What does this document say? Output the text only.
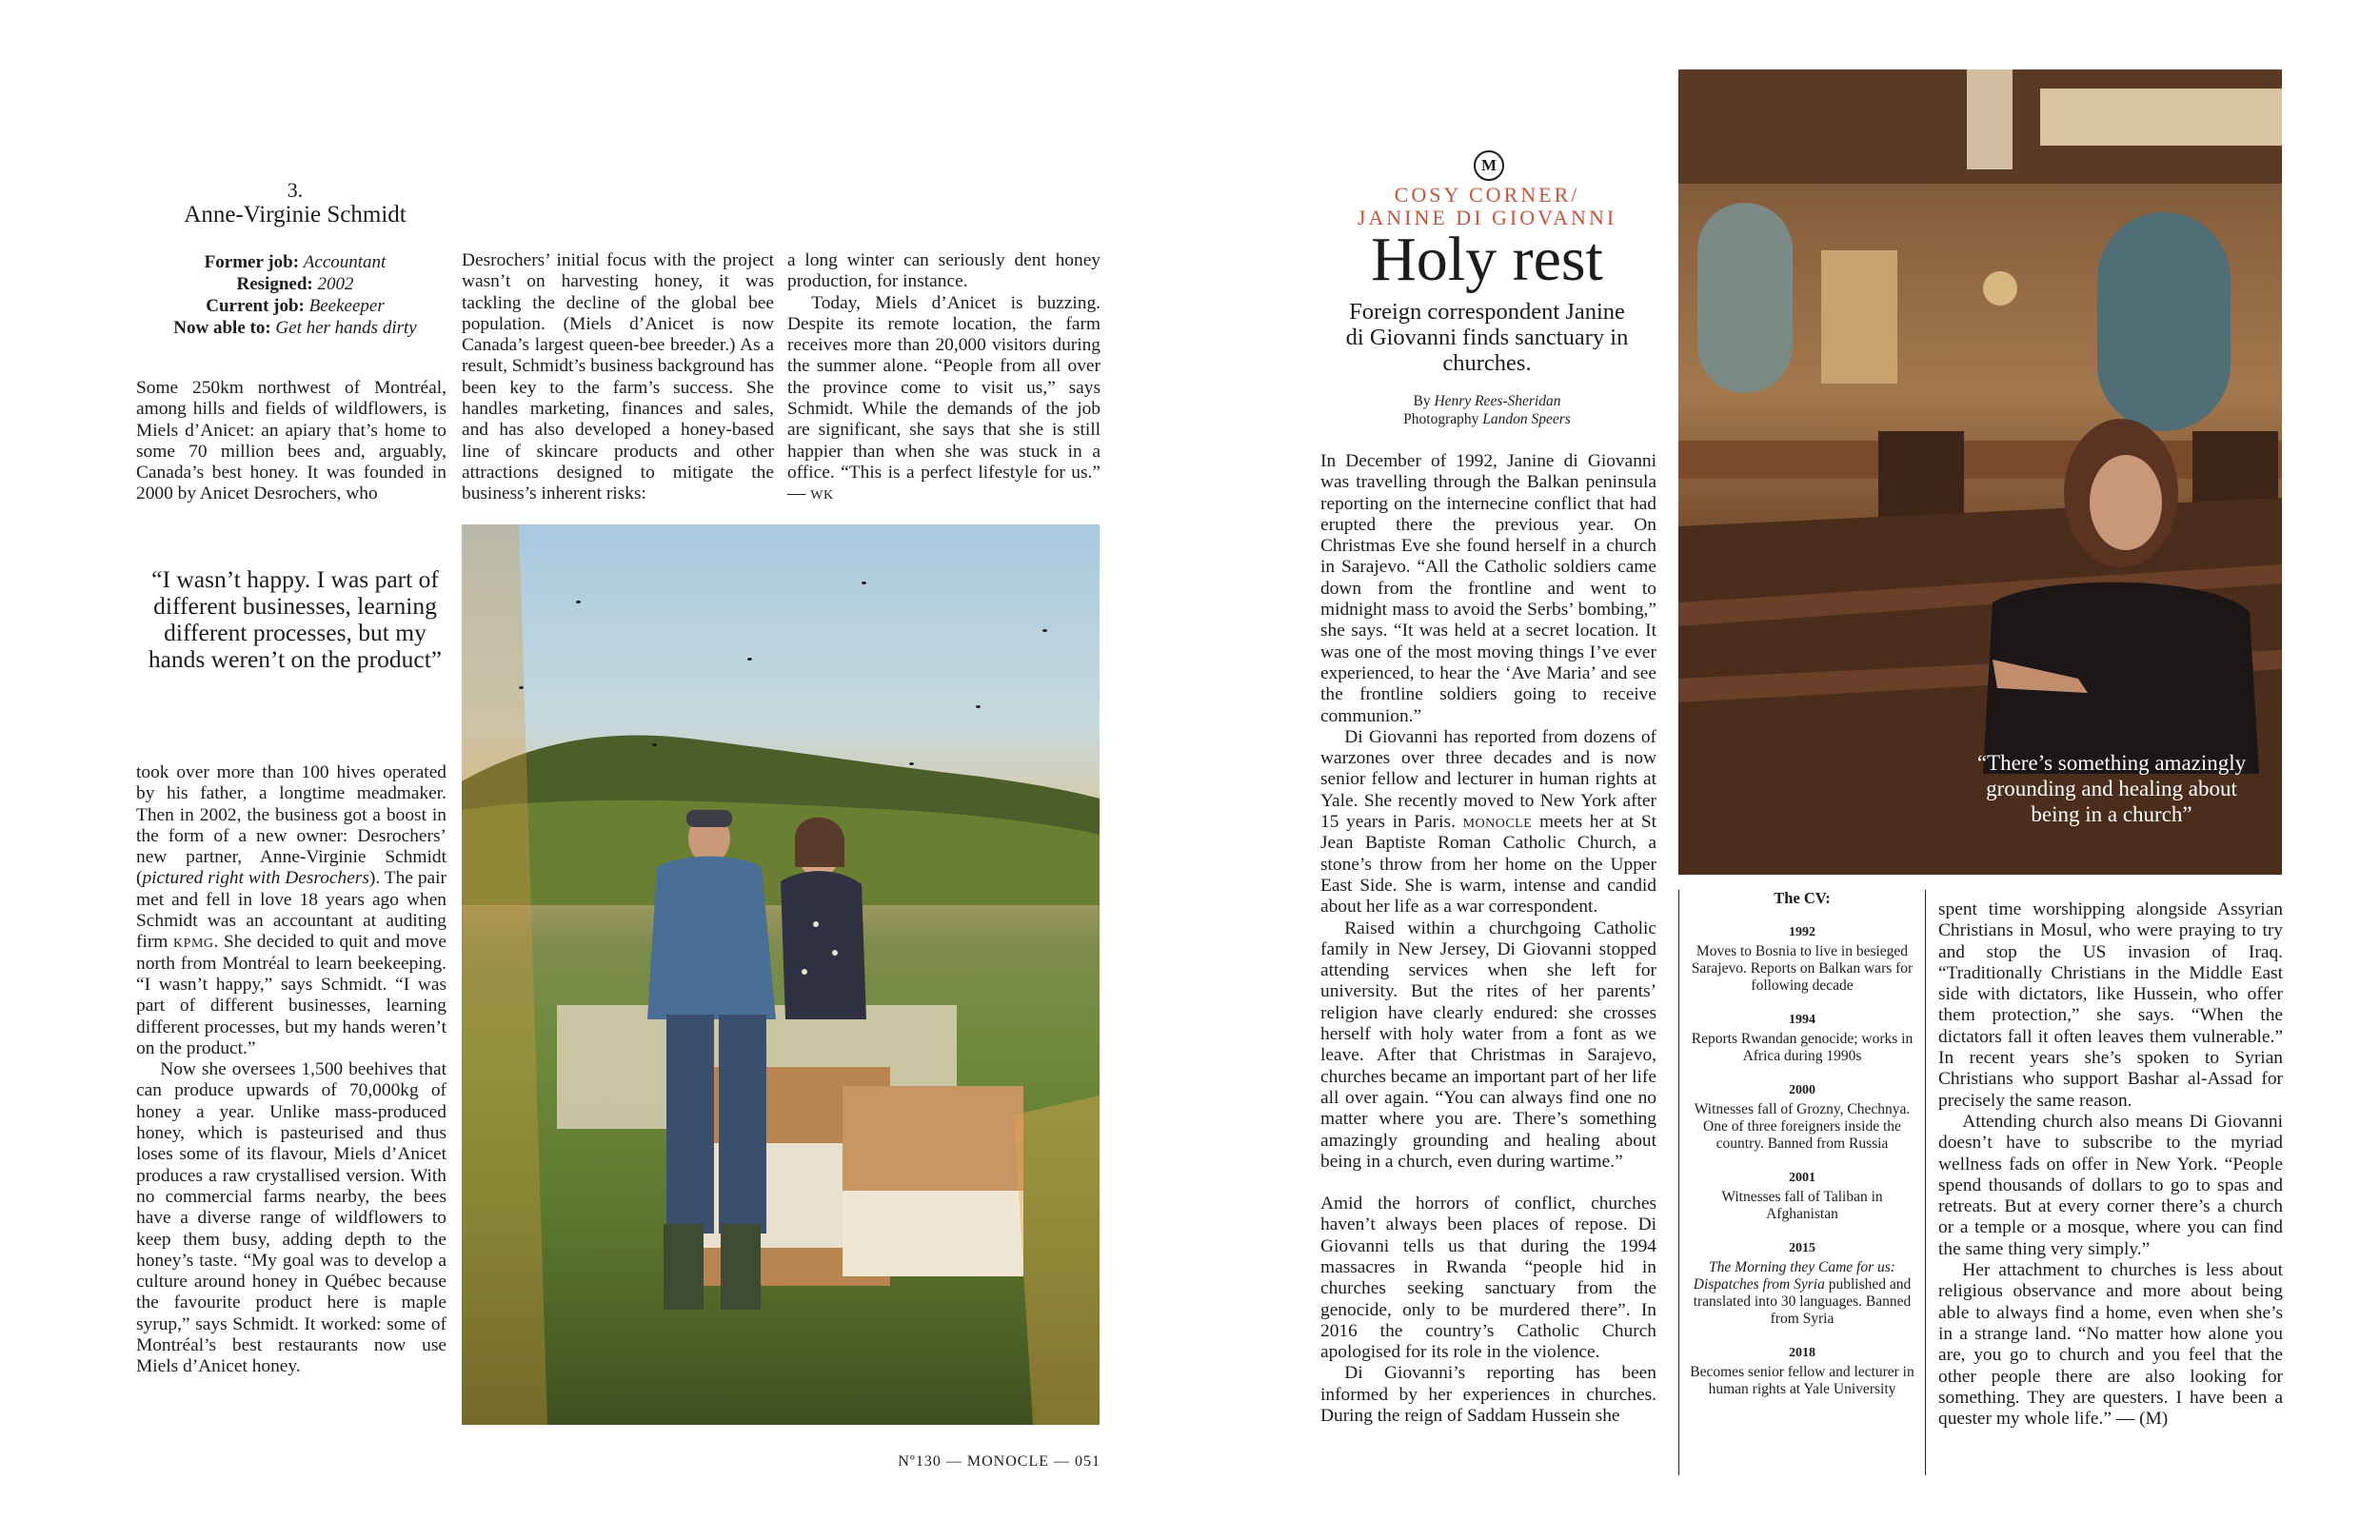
3.
Anne-Virginie Schmidt
Former job: Accountant
Resigned: 2002
Current job: Beekeeper
Now able to: Get her hands dirty

Some 250km northwest of Montréal, among hills and fields of wildflowers, is Miels d’Anicet: an apiary that’s home to some 70 million bees and, arguably, Canada’s best honey. It was founded in 2000 by Anicet Desrochers, who

“I wasn’t happy. I was part of different businesses, learning different processes, but my hands weren’t on the product”

took over more than 100 hives operated by his father, a longtime meadmaker. Then in 2002, the business got a boost in the form of a new owner: Desrochers’ new partner, Anne-Virginie Schmidt (pictured right with Desrochers). The pair met and fell in love 18 years ago when Schmidt was an accountant at auditing firm kpmg. She decided to quit and move north from Montréal to learn beekeeping. “I wasn’t happy,” says Schmidt. “I was part of different businesses, learning different processes, but my hands weren’t on the product.”

Now she oversees 1,500 beehives that can produce upwards of 70,000kg of honey a year. Unlike mass-produced honey, which is pasteurised and thus loses some of its flavour, Miels d’Anicet produces a raw crystallised version. With no commercial farms nearby, the bees have a diverse range of wildflowers to keep them busy, adding depth to the honey’s taste. “My goal was to develop a culture around honey in Québec because the favourite product here is maple syrup,” says Schmidt. It worked: some of Montréal’s best restaurants now use Miels d’Anicet honey.

Desrochers’ initial focus with the project wasn’t on harvesting honey, it was tackling the decline of the global bee population. (Miels d’Anicet is now Canada’s largest queen-bee breeder.) As a result, Schmidt’s business background has been key to the farm’s success. She handles marketing, finances and sales, and has also developed a honey-based line of skincare products and other attractions designed to mitigate the business’s inherent risks:

a long winter can seriously dent honey production, for instance.

Today, Miels d’Anicet is buzzing. Despite its remote location, the farm receives more than 20,000 visitors during the summer alone. “People from all over the province come to visit us,” says Schmidt. While the demands of the job are significant, she says that she is still happier than when she was stuck in a office. “This is a perfect lifestyle for us.” — wk

Nº130 — MONOCLE — 051
M
COSY CORNER/
JANINE DI GIOVANNI
Holy rest
Foreign correspondent Janine di Giovanni finds sanctuary in churches.
By Henry Rees-Sheridan
Photography Landon Speers

In December of 1992, Janine di Giovanni was travelling through the Balkan peninsula reporting on the internecine conflict that had erupted there the previous year. On Christmas Eve she found herself in a church in Sarajevo. “All the Catholic soldiers came down from the frontline and went to midnight mass to avoid the Serbs’ bombing,” she says. “It was held at a secret location. It was one of the most moving things I’ve ever experienced, to hear the ‘Ave Maria’ and see the frontline soldiers going to receive communion.”

Di Giovanni has reported from dozens of warzones over three decades and is now senior fellow and lecturer in human rights at Yale. She recently moved to New York after 15 years in Paris. monocle meets her at St Jean Baptiste Roman Catholic Church, a stone’s throw from her home on the Upper East Side. She is warm, intense and candid about her life as a war correspondent.

Raised within a churchgoing Catholic family in New Jersey, Di Giovanni stopped attending services when she left for university. But the rites of her parents’ religion have clearly endured: she crosses herself with holy water from a font as we leave. After that Christmas in Sarajevo, churches became an important part of her life all over again. “You can always find one no matter where you are. There’s something amazingly grounding and healing about being in a church, even during wartime.”

Amid the horrors of conflict, churches haven’t always been places of repose. Di Giovanni tells us that during the 1994 massacres in Rwanda “people hid in churches seeking sanctuary from the genocide, only to be murdered there”. In 2016 the country’s Catholic Church apologised for its role in the violence.

Di Giovanni’s reporting has been informed by her experiences in churches. During the reign of Saddam Hussein she

“There’s something amazingly grounding and healing about being in a church”
The CV:
1992
Moves to Bosnia to live in besieged Sarajevo. Reports on Balkan wars for following decade
1994
Reports Rwandan genocide; works in Africa during 1990s
2000
Witnesses fall of Grozny, Chechnya. One of three foreigners inside the country. Banned from Russia
2001
Witnesses fall of Taliban in Afghanistan
2015
The Morning they Came for us: Dispatches from Syria published and translated into 30 languages. Banned from Syria
2018
Becomes senior fellow and lecturer in human rights at Yale University

spent time worshipping alongside Assyrian Christians in Mosul, who were praying to try and stop the US invasion of Iraq. “Traditionally Christians in the Middle East side with dictators, like Hussein, who offer them protection,” she says. “When the dictators fall it often leaves them vulnerable.” In recent years she’s spoken to Syrian Christians who support Bashar al-Assad for precisely the same reason.

Attending church also means Di Giovanni doesn’t have to subscribe to the myriad wellness fads on offer in New York. “People spend thousands of dollars to go to spas and retreats. But at every corner there’s a church or a temple or a mosque, where you can find the same thing very simply.”

Her attachment to churches is less about religious observance and more about being able to always find a home, even when she’s in a strange land. “No matter how alone you are, you go to church and you feel that the other people there are also looking for something. They are questers. I have been a quester my whole life.” — (M)
